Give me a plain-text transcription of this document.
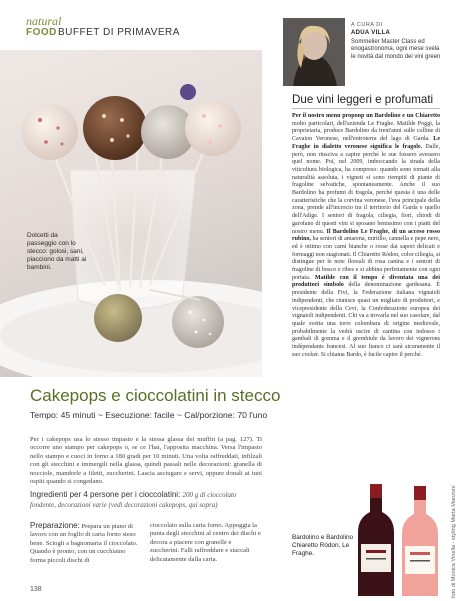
natural
FOOD BUFFET DI PRIMAVERA
Dolcetti da passeggio con lo stecco: golosi, sani, piacciono da matti ai bambini.
Cakepops e cioccolatini in stecco
Tempo: 45 minuti ~ Esecuzione: facile ~ Cal/porzione: 70 l'uno
Per i cakepops usa lo stesso impasto e la stessa glassa dei muffin (a pag. 127). Ti occorre uno stampo per cakepops o, se ce l'hai, l'apposita macchina. Versa l'impasto nello stampo e cuoci in forno a 180 gradi per 10 minuti. Una volta raffreddati, infilzali con gli stecchini e immergili nella glassa, quindi passali nelle decorazioni: granella di nocciole, mandorle a filetti, zuccherini. Lascia asciugare e servi, oppure donali ai tuoi ospiti quando si congedano.
Ingredienti per 4 persone per i cioccolatini: 200 g di cioccolato fondente, decorazioni varie (vedi decorazioni cakepops, qui sopra)
Preparazione: Prepara un piano di lavoro con un foglio di carta forno steso bene. Sciogli a bagnomaria il cioccolato. Quando è pronto, con un cucchiaino forma piccoli dischi di
cioccolato sulla carta forno. Appoggia la punta degli stecchini al centro dei dischi e decora a piacere con granelle e zuccherini. Falli raffreddare e staccali delicatamente dalla carta.
138
A CURA DI
ADUA VILLA
Sommelier Master Class ed enogastronoma, ogni mese svela le novità dal mondo dei vini green
Due vini leggeri e profumati
Per il nostro menu proponp un Bardolino e un Chiaretto molto particolari, dell'azienda Le Fraghe. Matilde Poggi, la proprietaria, produce Bardolino da trent'anni sulle colline di Cavaion Veronese, nell'entroterra del lago di Garda. Le Fraghe in dialetto veronese significa le fragole. Dalle, però, non riusciva a capire perché le sue fossero avessero quel nome. Poi, nel 2009, imboccando la strada della viticoltura biologica, ha compreso: quando sono tornati alla naturalità assoluta, i vigneti si sono riempiti di piante di fragoline selvatiche, spontaneamente. Anche il suo Bardolino ha profumi di fragola, perché questa è una delle caratteristiche che la corvina veronese, l'uva principale della zona, prende all'incrocio tra il territorio del Garda e quello dell'Adige. I sentori di fragola, ciliegia, fiori, chiodi di garofano di questi vini si sposano benissimo con i piatti del nostro menu. Il Bardolino Le Fraghe, di un acceso rosso rubino, ha sentori di amarena, mirtillo, cannella e pepe nero, ed è ottimo con carni bianche o rosse dai sapori delicati e formaggi non stagionati. Il Chiaretto Ròdon, color ciliegia, si distingue per le note floreali di rosa canina e i sentori di fragoline di bosco e ribes e si abbina perfettamente con ogni portata. Matilde con il tempo è diventata una dei produttori simbolo della denominazione gardesana. È presidente della Fivi, la Federazione italiana vignaioli indipendenti, che riunisce quasi un migliaio di produttori, e vicepresidente della Cevi, la Confederazione europea dei vignaioli indipendenti. Chi va a trovarla nel suo casolare, dal quale svetta una torre colombara di origine medievale, probabilmente la vedrà uscire di cantina con indosso i gambali di gomma e il grembiule da lavoro dei vignerons indépendants francesi. Al suo fianco ci sarà sicuramente il suo cocker. Si chiama Bardo, è facile capire il perché.
Bardolino e Bardolino Chiaretto Ròdon, Le Fraghe.	foto di Monica Vinella - styling Marta Manzoni
